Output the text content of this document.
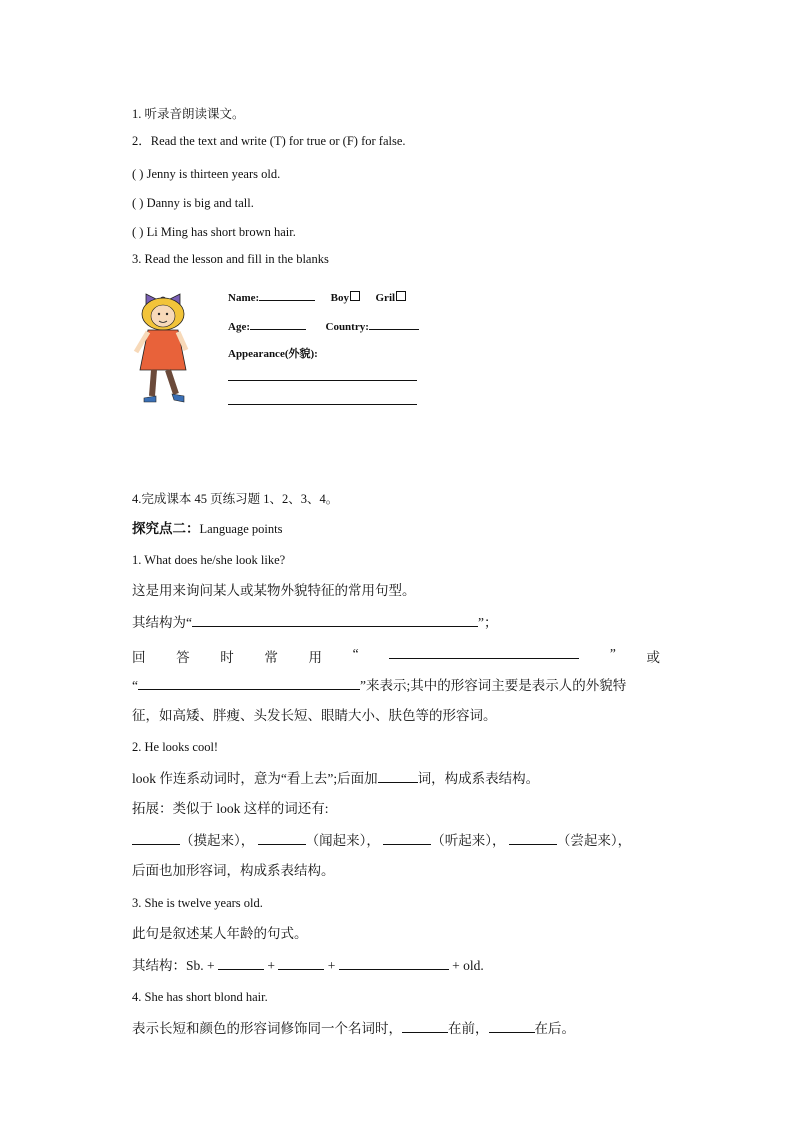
1. 听录音朗读课文。
2．Read the text and write (T) for true or (F) for false.
( ) Jenny is thirteen years old.
( ) Danny is big and tall.
( ) Li Ming has short brown hair.
3. Read the lesson and fill in the blanks
Name:	Boy Gril
Age:	Country:
Appearance(外貌):
4.完成课本 45 页练习题 1、2、3、4。
探究点二：Language points
1. What does he/she look like?
这是用来询问某人或某物外貌特征的常用句型。
其结构为“	”；
回 答 时 常 用 “	” 或
“	”来表示;其中的形容词主要是表示人的外貌特
征，如高矮、胖瘦、头发长短、眼睛大小、肤色等的形容词。
2. He looks cool!
look 作连系动词时，意为“看上去”;后面加	词，构成系表结构。
拓展：类似于 look 这样的词还有:
（摸起来），	（闻起来），	（听起来），	（尝起来），
后面也加形容词，构成系表结构。
3. She is twelve years old.
此句是叙述某人年龄的句式。
其结构：Sb. +	+	+	+ old.
4. She has short blond hair.
表示长短和颜色的形容词修饰同一个名词时，	在前，	在后。
